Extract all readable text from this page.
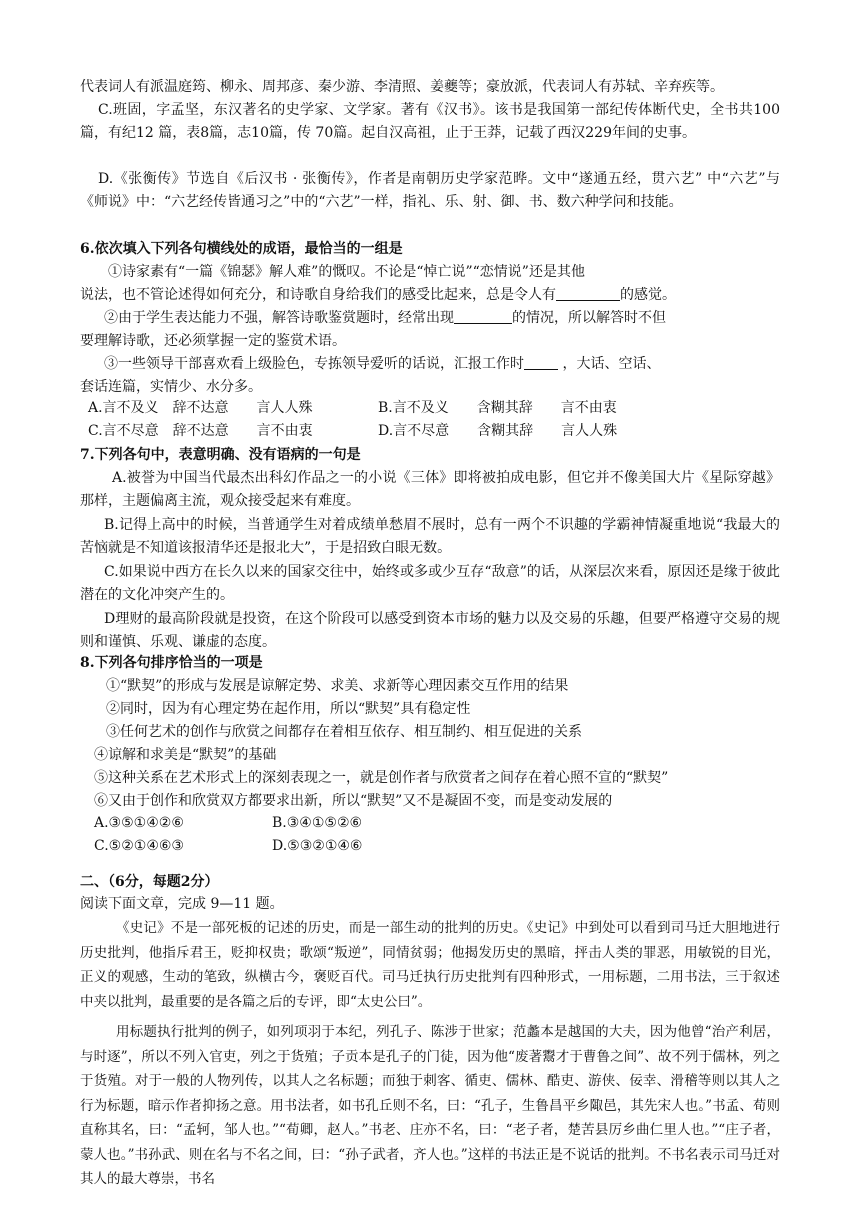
代表词人有派温庭筠、柳永、周邦彦、秦少游、李清照、姜夔等；豪放派，代表词人有苏轼、辛弃疾等。

C.班固，字孟坚，东汉著名的史学家、文学家。著有《汉书》。该书是我国第一部纪传体断代史，全书共100篇，有纪12 篇，表8篇，志10篇，传 70篇。起自汉高祖，止于王莽，记载了西汉229年间的史事。

D.《张衡传》节选自《后汉书 · 张衡传》，作者是南朝历史学家范晔。文中“遂通五经，贯六艺” 中“六艺”与《师说》中：“六艺经传皆通习之”中的“六艺”一样，指礼、乐、射、御、书、数六种学问和技能。

6.依次填入下列各句横线处的成语，最恰当的一组是

①诗家素有“一篇《锦瑟》解人难”的慨叹。不论是“悼亡说”“恋情说”还是其他

说法，也不管论述得如何充分，和诗歌自身给我们的感受比起来，总是令人有	的感觉。

②由于学生表达能力不强，解答诗歌鉴赏题时，经常出现	的情况，所以解答时不但

要理解诗歌，还必须掌握一定的鉴赏术语。

③一些领导干部喜欢看上级脸色，专拣领导爱听的话说，汇报工作时	，大话、空话、

套话连篇，实情少、水分多。

A.言不及义　辞不达意　　言人人殊	B.言不及义　　含糊其辞　　言不由衷
C.言不尽意　辞不达意　　言不由衷	D.言不尽意　　含糊其辞　　言人人殊

7.下列各句中，表意明确、没有语病的一句是

A.被誉为中国当代最杰出科幻作品之一的小说《三体》即将被拍成电影，但它并不像美国大片《星际穿越》那样，主题偏离主流，观众接受起来有难度。

B.记得上高中的时候，当普通学生对着成绩单愁眉不展时，总有一两个不识趣的学霸神情凝重地说“我最大的苦恼就是不知道该报清华还是报北大”，于是招致白眼无数。

C.如果说中西方在长久以来的国家交往中，始终或多或少互存“敌意”的话，从深层次来看，原因还是缘于彼此潜在的文化冲突产生的。

D理财的最高阶段就是投资，在这个阶段可以感受到资本市场的魅力以及交易的乐趣，但要严格遵守交易的规则和谨慎、乐观、谦虚的态度。

8.下列各句排序恰当的一项是

①“默契”的形成与发展是谅解定势、求美、求新等心理因素交互作用的结果

②同时，因为有心理定势在起作用，所以“默契”具有稳定性

③任何艺术的创作与欣赏之间都存在着相互依存、相互制约、相互促进的关系

④谅解和求美是“默契”的基础

⑤这种关系在艺术形式上的深刻表现之一，就是创作者与欣赏者之间存在着心照不宣的“默契”

⑥又由于创作和欣赏双方都要求出新，所以“默契”又不是凝固不变，而是变动发展的

A.③⑤①④②⑥	B.③④①⑤②⑥
C.⑤②①④⑥③	D.⑤③②①④⑥

二、（6分，每题2分）

阅读下面文章，完成 9—11 题。

《史记》不是一部死板的记述的历史，而是一部生动的批判的历史。《史记》中到处可以看到司马迁大胆地进行历史批判，他指斥君王，贬抑权贵；歌颂“叛逆”，同情贫弱；他揭发历史的黑暗，抨击人类的罪恶，用敏锐的目光，正义的观感，生动的笔致，纵横古今，褒贬百代。司马迁执行历史批判有四种形式，一用标题，二用书法，三于叙述中夹以批判，最重要的是各篇之后的专评，即“太史公曰”。

用标题执行批判的例子，如列项羽于本纪，列孔子、陈涉于世家；范蠡本是越国的大夫，因为他曾“治产利居，与时逐”，所以不列入官吏，列之于货殖；子贡本是孔子的门徒，因为他“废著鬻才于曹鲁之间”、故不列于儒林，列之于货殖。对于一般的人物列传，以其人之名标题；而独于刺客、循吏、儒林、酷吏、游侠、佞幸、滑稽等则以其人之行为标题，暗示作者抑扬之意。用书法者，如书孔丘则不名，曰：“孔子，生鲁昌平乡陬邑，其先宋人也。”书孟、荀则直称其名，曰：“孟轲，邹人也。”“荀卿，赵人。”书老、庄亦不名，曰：“老子者，楚苦县厉乡曲仁里人也。”“庄子者，蒙人也。”书孙武、则在名与不名之间，曰：“孙子武者，齐人也。”这样的书法正是不说话的批判。不书名表示司马迁对其人的最大尊崇，书名
